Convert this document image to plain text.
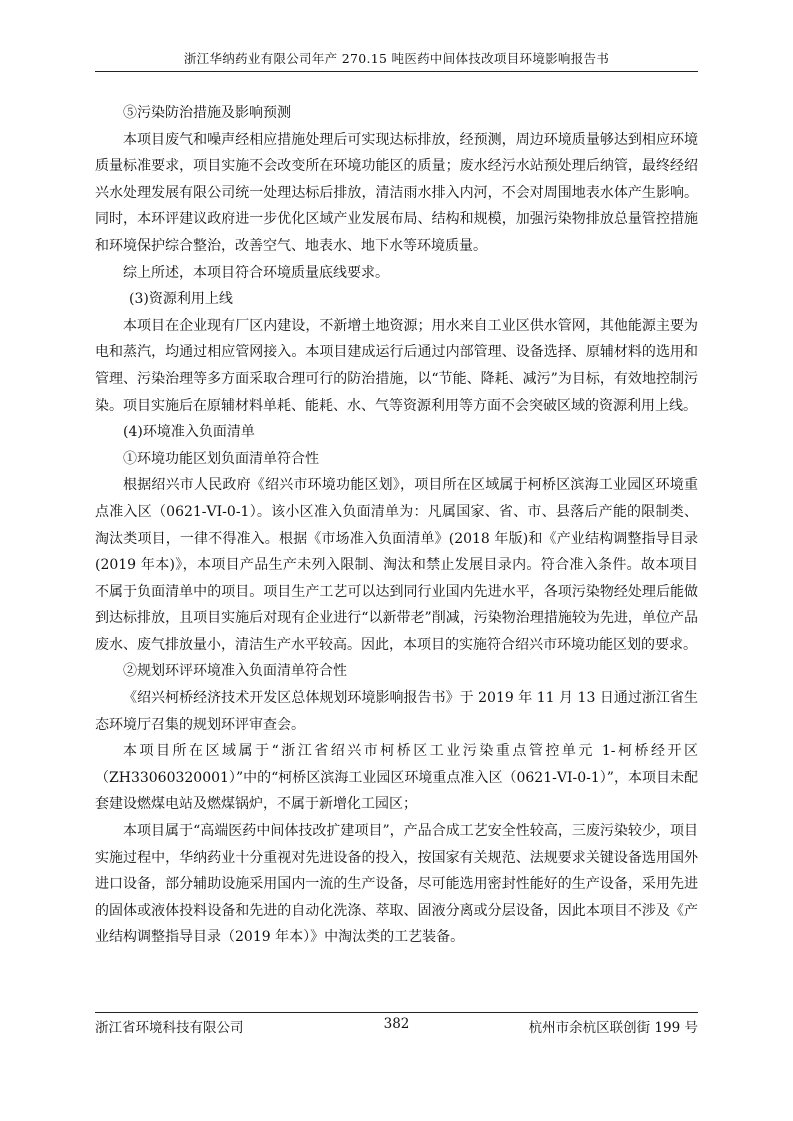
浙江华纳药业有限公司年产 270.15 吨医药中间体技改项目环境影响报告书

⑤污染防治措施及影响预测

本项目废气和噪声经相应措施处理后可实现达标排放，经预测，周边环境质量够达到相应环境质量标准要求，项目实施不会改变所在环境功能区的质量；废水经污水站预处理后纳管，最终经绍兴水处理发展有限公司统一处理达标后排放，清洁雨水排入内河，不会对周围地表水体产生影响。同时，本环评建议政府进一步优化区域产业发展布局、结构和规模，加强污染物排放总量管控措施和环境保护综合整治，改善空气、地表水、地下水等环境质量。

综上所述，本项目符合环境质量底线要求。

(3)资源利用上线

本项目在企业现有厂区内建设，不新增土地资源；用水来自工业区供水管网，其他能源主要为电和蒸汽，均通过相应管网接入。本项目建成运行后通过内部管理、设备选择、原辅材料的选用和管理、污染治理等多方面采取合理可行的防治措施，以“节能、降耗、减污”为目标，有效地控制污染。项目实施后在原辅材料单耗、能耗、水、气等资源利用等方面不会突破区域的资源利用上线。

(4)环境准入负面清单

①环境功能区划负面清单符合性

根据绍兴市人民政府《绍兴市环境功能区划》，项目所在区域属于柯桥区滨海工业园区环境重点准入区（0621-VI-0-1）。该小区准入负面清单为：凡属国家、省、市、县落后产能的限制类、淘汰类项目，一律不得准入。根据《市场准入负面清单》(2018 年版)和《产业结构调整指导目录(2019 年本)》，本项目产品生产未列入限制、淘汰和禁止发展目录内。符合准入条件。故本项目不属于负面清单中的项目。项目生产工艺可以达到同行业国内先进水平，各项污染物经处理后能做到达标排放，且项目实施后对现有企业进行“以新带老”削减，污染物治理措施较为先进，单位产品废水、废气排放量小，清洁生产水平较高。因此，本项目的实施符合绍兴市环境功能区划的要求。

②规划环评环境准入负面清单符合性

《绍兴柯桥经济技术开发区总体规划环境影响报告书》于 2019 年 11 月 13 日通过浙江省生态环境厅召集的规划环评审查会。

本项目所在区域属于“浙江省绍兴市柯桥区工业污染重点管控单元 1-柯桥经开区（ZH33060320001）”中的“柯桥区滨海工业园区环境重点准入区（0621-VI-0-1）”，本项目未配套建设燃煤电站及燃煤锅炉，不属于新增化工园区；

本项目属于“高端医药中间体技改扩建项目”，产品合成工艺安全性较高，三废污染较少，项目实施过程中，华纳药业十分重视对先进设备的投入，按国家有关规范、法规要求关键设备选用国外进口设备，部分辅助设施采用国内一流的生产设备，尽可能选用密封性能好的生产设备，采用先进的固体或液体投料设备和先进的自动化洗涤、萃取、固液分离或分层设备，因此本项目不涉及《产业结构调整指导目录（2019 年本）》中淘汰类的工艺装备。

浙江省环境科技有限公司	382	杭州市余杭区联创街 199 号
